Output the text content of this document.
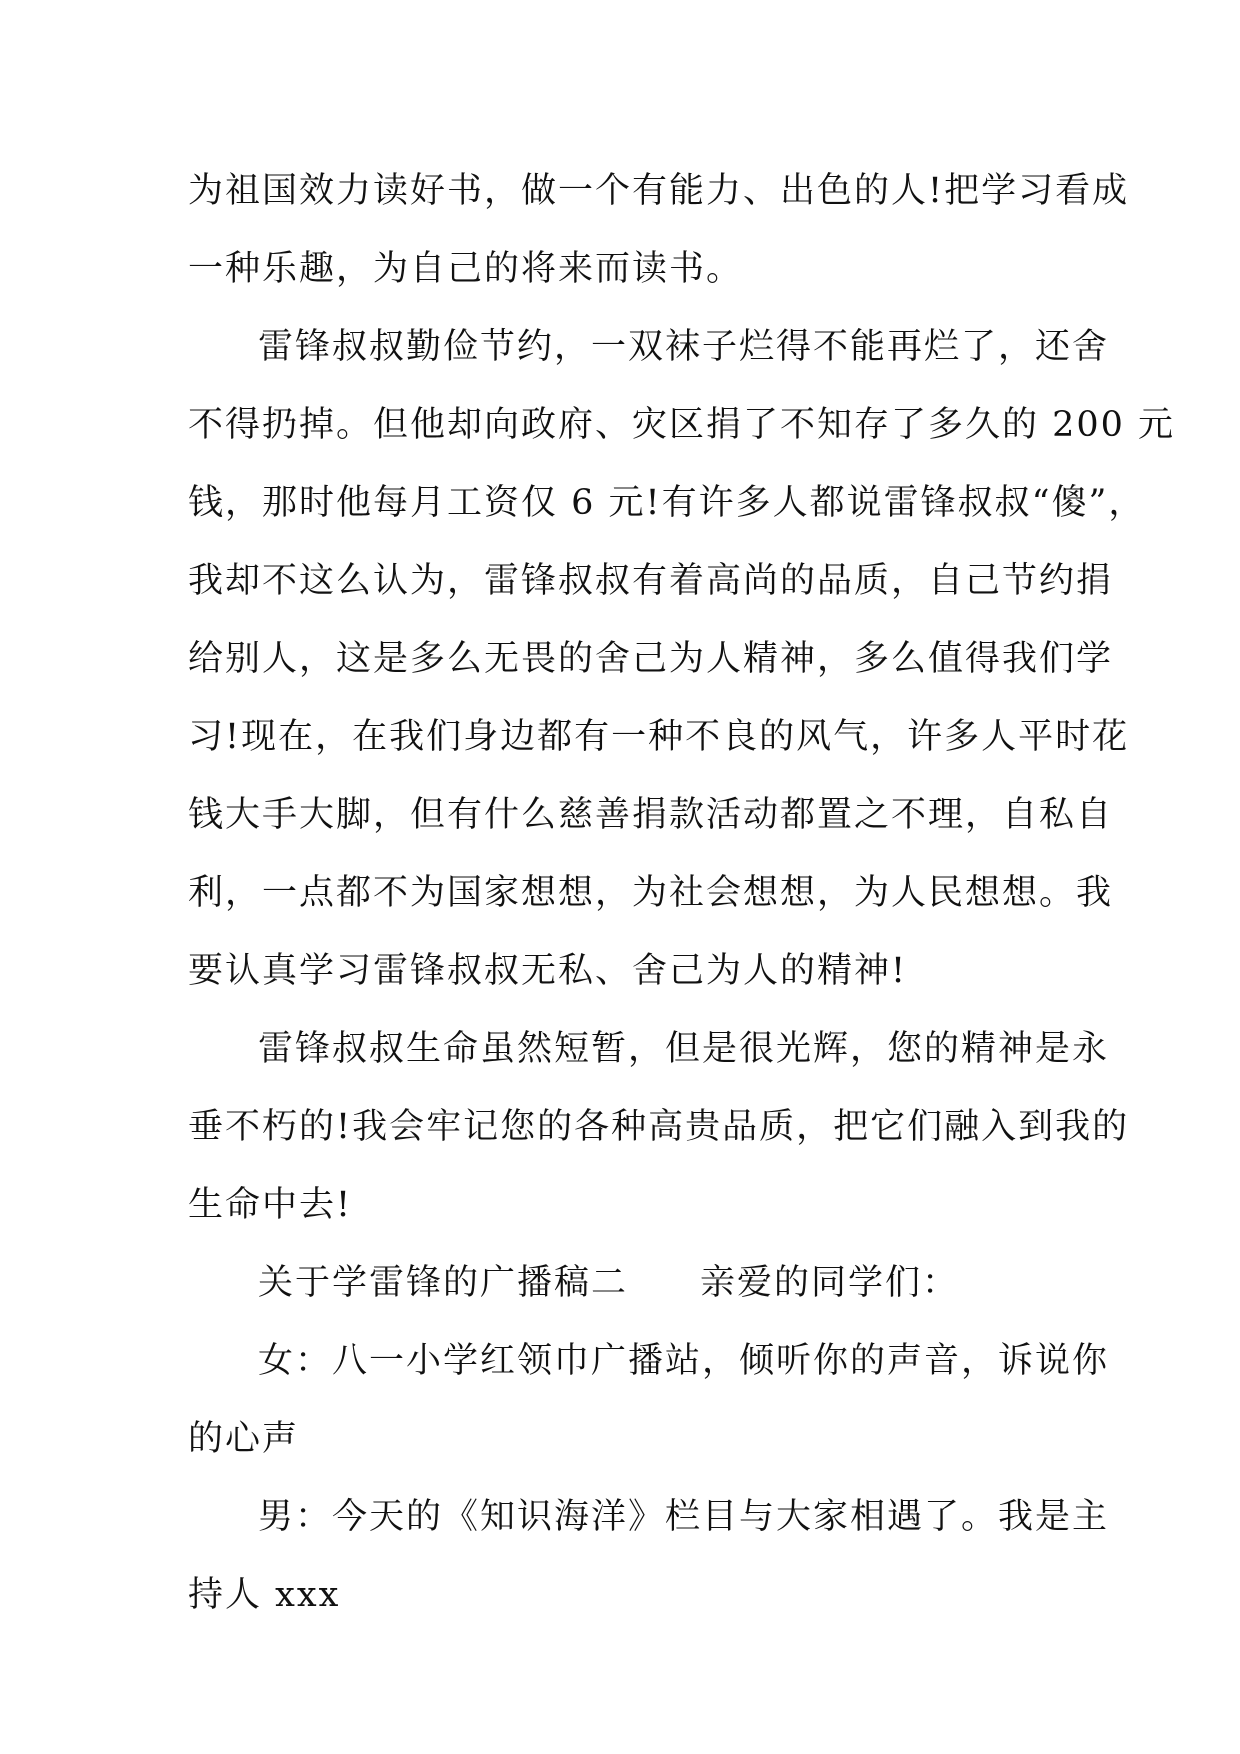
为祖国效力读好书，做一个有能力、出色的人!把学习看成
一种乐趣，为自己的将来而读书。
雷锋叔叔勤俭节约，一双袜子烂得不能再烂了，还舍
不得扔掉。但他却向政府、灾区捐了不知存了多久的 200 元
钱，那时他每月工资仅 6 元!有许多人都说雷锋叔叔“傻”，
我却不这么认为，雷锋叔叔有着高尚的品质，自己节约捐
给别人，这是多么无畏的舍己为人精神，多么值得我们学
习!现在，在我们身边都有一种不良的风气，许多人平时花
钱大手大脚，但有什么慈善捐款活动都置之不理，自私自
利，一点都不为国家想想，为社会想想，为人民想想。我
要认真学习雷锋叔叔无私、舍己为人的精神!
雷锋叔叔生命虽然短暂，但是很光辉，您的精神是永
垂不朽的!我会牢记您的各种高贵品质，把它们融入到我的
生命中去!
关于学雷锋的广播稿二 亲爱的同学们：
女：八一小学红领巾广播站，倾听你的声音，诉说你
的心声
男：今天的《知识海洋》栏目与大家相遇了。我是主
持人 xxx
